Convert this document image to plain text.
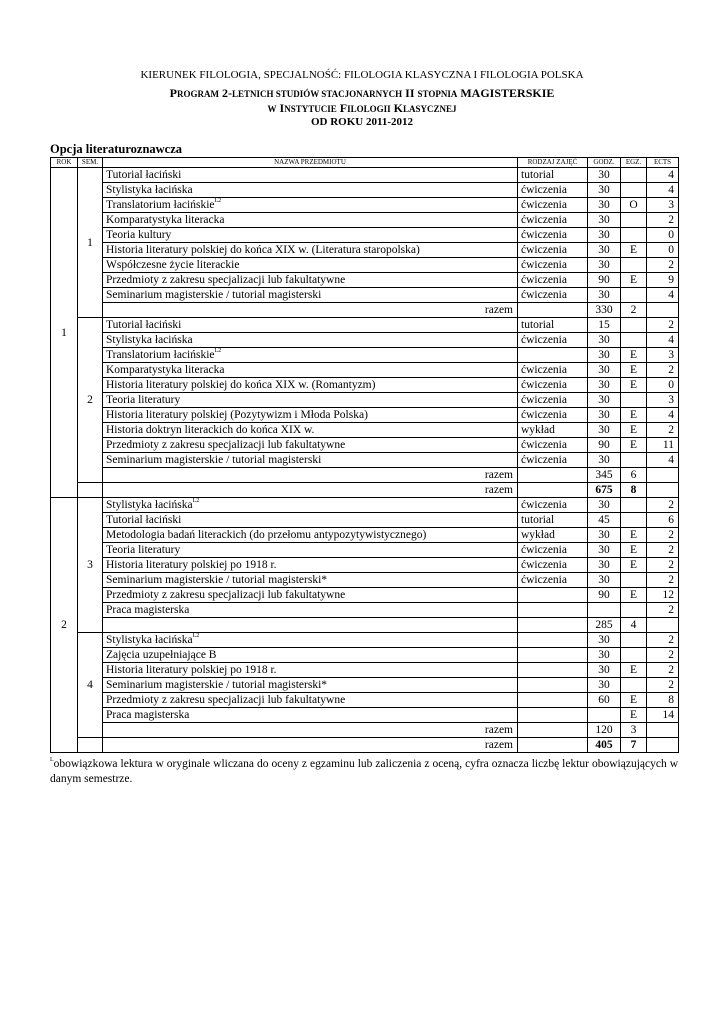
KIERUNEK FILOLOGIA, SPECJALNOŚĆ: FILOLOGIA KLASYCZNA I FILOLOGIA POLSKA
PROGRAM 2-LETNICH STUDIÓW STACJONARNYCH II STOPNIA MAGISTERSKIE
W INSTYTUCIE FILOLOGII KLASYCZNEJ
OD ROKU 2011-2012
Opcja literaturoznawcza
ROK	SEM.	NAZWA PRZEDMIOTU	RODZAJ ZAJĘĆ	GODZ.	EGZ.	ECTS
1	1	Tutorial łaciński	tutorial	30		4
		Stylistyka łacińska	ćwiczenia	30		4
		Translatorium łacińskie$^{L2}$	ćwiczenia	30	O	3
		Komparatystyka literacka	ćwiczenia	30		2
		Teoria kultury	ćwiczenia	30		0
		Historia literatury polskiej do końca XIX w. (Literatura staropolska)	ćwiczenia	30	E	0
		Współczesne życie literackie	ćwiczenia	30		2
		Przedmioty z zakresu specjalizacji lub fakultatywne	ćwiczenia	90	E	9
		Seminarium magisterskie / tutorial magisterski	ćwiczenia	30		4
		razem		330	2	
	2	Tutorial łaciński	tutorial	15		2
		Stylistyka łacińska	ćwiczenia	30		4
		Translatorium łacińskie$^{L2}$		30	E	3
		Komparatystyka literacka	ćwiczenia	30	E	2
		Historia literatury polskiej do końca XIX w. (Romantyzm)	ćwiczenia	30	E	0
		Teoria literatury	ćwiczenia	30		3
		Historia literatury polskiej (Pozytywizm i Młoda Polska)	ćwiczenia	30	E	4
		Historia doktryn literackich do końca XIX w.	wykład	30	E	2
		Przedmioty z zakresu specjalizacji lub fakultatywne	ćwiczenia	90	E	11
		Seminarium magisterskie / tutorial magisterski	ćwiczenia	30		4
		razem		345	6	
		razem		675	8	
2	3	Stylistyka łacińska$^{L2}$	ćwiczenia	30		2
		Tutorial łaciński	tutorial	45		6
		Metodologia badań literackich (do przełomu antypozytywistycznego)	wykład	30	E	2
		Teoria literatury	ćwiczenia	30	E	2
		Historia literatury polskiej po 1918 r.	ćwiczenia	30	E	2
		Seminarium magisterskie / tutorial magisterski*	ćwiczenia	30		2
		Przedmioty z zakresu specjalizacji lub fakultatywne		90	E	12
		Praca magisterska				2
				285	4	
	4	Stylistyka łacińska$^{L2}$		30		2
		Zajęcia uzupełniające B		30		2
		Historia literatury polskiej po 1918 r.		30	E	2
		Seminarium magisterskie / tutorial magisterski*		30		2
		Przedmioty z zakresu specjalizacji lub fakultatywne		60	E	8
		Praca magisterska			E	14
		razem		120	3	
		razem		405	7	
$^L$obowiązkowa lektura w oryginale wliczana do oceny z egzaminu lub zaliczenia z oceną, cyfra oznacza liczbę lektur obowiązujących w danym semestrze.
